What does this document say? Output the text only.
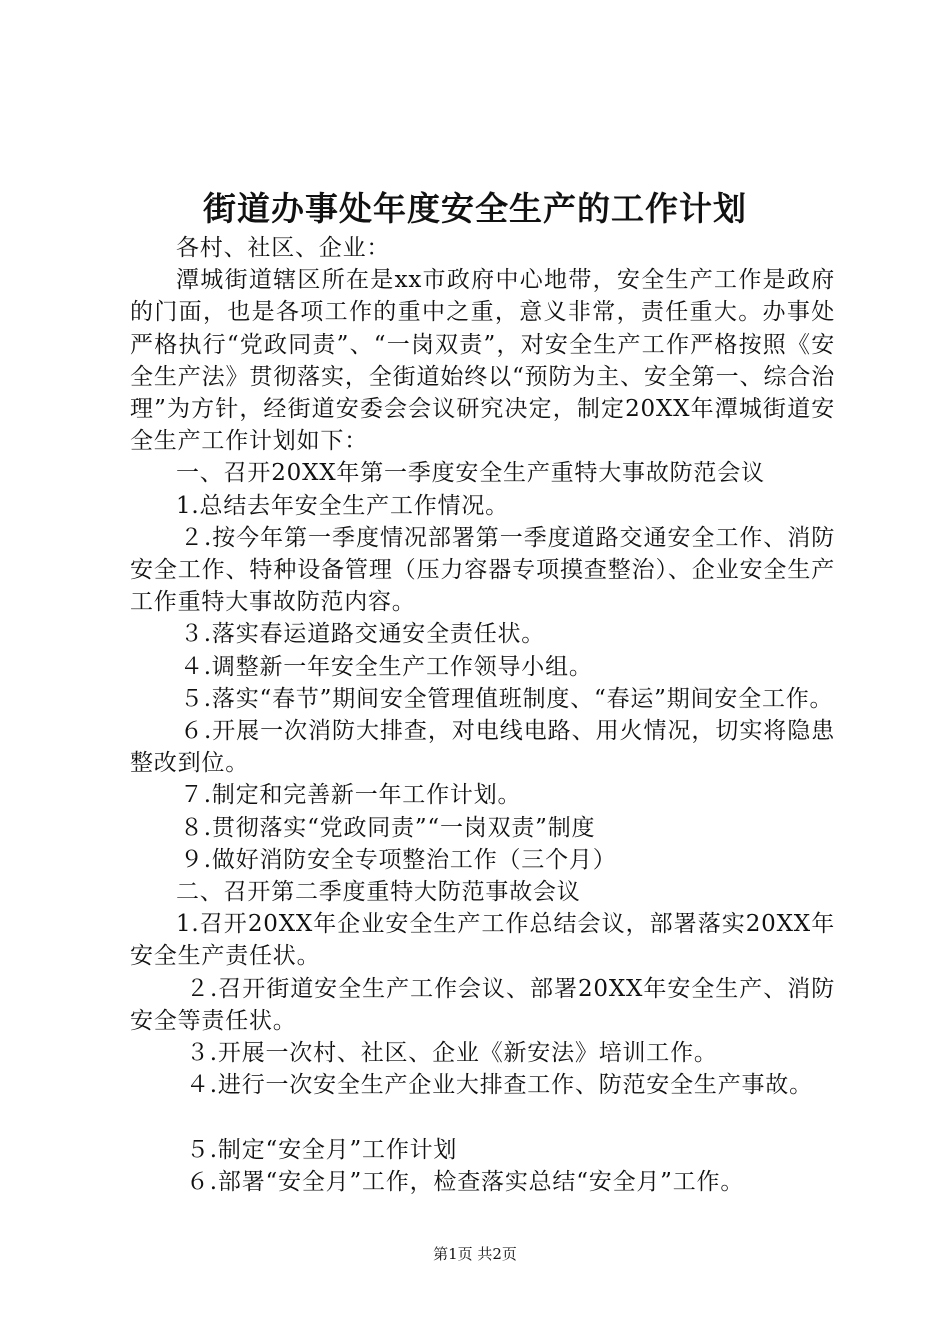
街道办事处年度安全生产的工作计划

各村、社区、企业：

潭城街道辖区所在是xx市政府中心地带，安全生产工作是政府的门面，也是各项工作的重中之重，意义非常，责任重大。办事处严格执行“党政同责”、“一岗双责”，对安全生产工作严格按照《安全生产法》贯彻落实，全街道始终以“预防为主、安全第一、综合治理”为方针，经街道安委会会议研究决定，制定20XX年潭城街道安全生产工作计划如下：

一、召开20XX年第一季度安全生产重特大事故防范会议

1.总结去年安全生产工作情况。

２.按今年第一季度情况部署第一季度道路交通安全工作、消防安全工作、特种设备管理（压力容器专项摸查整治）、企业安全生产工作重特大事故防范内容。

３.落实春运道路交通安全责任状。

４.调整新一年安全生产工作领导小组。

５.落实“春节”期间安全管理值班制度、“春运”期间安全工作。

６.开展一次消防大排查，对电线电路、用火情况，切实将隐患整改到位。

７.制定和完善新一年工作计划。

８.贯彻落实“党政同责”“一岗双责”制度

９.做好消防安全专项整治工作（三个月）

二、召开第二季度重特大防范事故会议

1.召开20XX年企业安全生产工作总结会议，部署落实20XX年安全生产责任状。

２.召开街道安全生产工作会议、部署20XX年安全生产、消防安全等责任状。

３.开展一次村、社区、企业《新安法》培训工作。

４.进行一次安全生产企业大排查工作、防范安全生产事故。

５.制定“安全月”工作计划

６.部署“安全月”工作，检查落实总结“安全月”工作。

第1页 共2页
